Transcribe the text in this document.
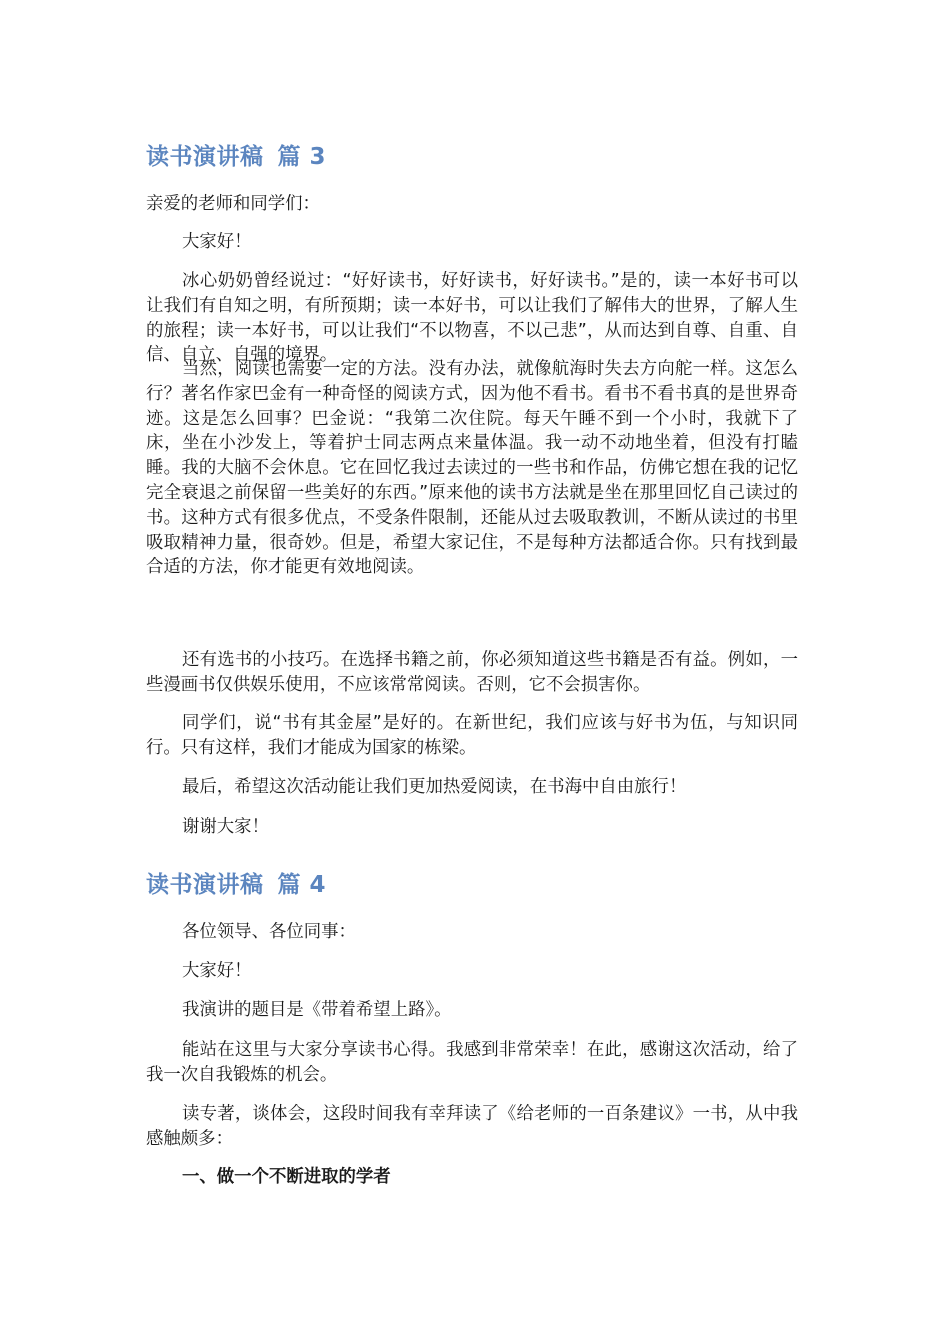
读书演讲稿 篇 3

亲爱的老师和同学们：

大家好！

冰心奶奶曾经说过：“好好读书，好好读书，好好读书。”是的，读一本好书可以让我们有自知之明，有所预期；读一本好书，可以让我们了解伟大的世界，了解人生的旅程；读一本好书，可以让我们“不以物喜，不以己悲”，从而达到自尊、自重、自信、自立、自强的境界。

当然，阅读也需要一定的方法。没有办法，就像航海时失去方向舵一样。这怎么行？著名作家巴金有一种奇怪的阅读方式，因为他不看书。看书不看书真的是世界奇迹。这是怎么回事？巴金说：“我第二次住院。每天午睡不到一个小时，我就下了床，坐在小沙发上，等着护士同志两点来量体温。我一动不动地坐着，但没有打瞌睡。我的大脑不会休息。它在回忆我过去读过的一些书和作品，仿佛它想在我的记忆完全衰退之前保留一些美好的东西。”原来他的读书方法就是坐在那里回忆自己读过的书。这种方式有很多优点，不受条件限制，还能从过去吸取教训，不断从读过的书里吸取精神力量，很奇妙。但是，希望大家记住，不是每种方法都适合你。只有找到最合适的方法，你才能更有效地阅读。

还有选书的小技巧。在选择书籍之前，你必须知道这些书籍是否有益。例如，一些漫画书仅供娱乐使用，不应该常常阅读。否则，它不会损害你。

同学们，说“书有其金屋”是好的。在新世纪，我们应该与好书为伍，与知识同行。只有这样，我们才能成为国家的栋梁。

最后，希望这次活动能让我们更加热爱阅读，在书海中自由旅行！

谢谢大家！

读书演讲稿 篇 4

各位领导、各位同事：

大家好！

我演讲的题目是《带着希望上路》。

能站在这里与大家分享读书心得。我感到非常荣幸！在此，感谢这次活动，给了我一次自我锻炼的机会。

读专著，谈体会，这段时间我有幸拜读了《给老师的一百条建议》一书，从中我感触颇多：

一、做一个不断进取的学者
